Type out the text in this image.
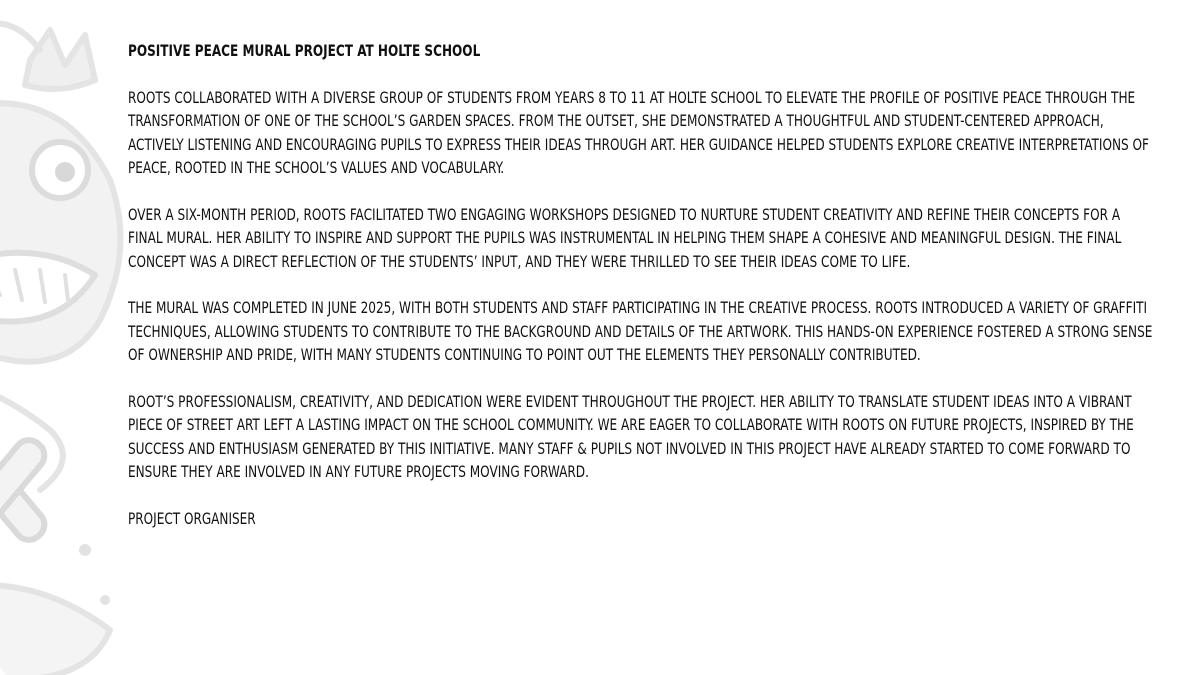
POSITIVE PEACE MURAL PROJECT AT HOLTE SCHOOL
ROOTS COLLABORATED WITH A DIVERSE GROUP OF STUDENTS FROM YEARS 8 TO 11 AT HOLTE SCHOOL TO ELEVATE THE PROFILE OF POSITIVE PEACE THROUGH THE TRANSFORMATION OF ONE OF THE SCHOOL’S GARDEN SPACES. FROM THE OUTSET, SHE DEMONSTRATED A THOUGHTFUL AND STUDENT-CENTERED APPROACH, ACTIVELY LISTENING AND ENCOURAGING PUPILS TO EXPRESS THEIR IDEAS THROUGH ART. HER GUIDANCE HELPED STUDENTS EXPLORE CREATIVE INTERPRETATIONS OF PEACE, ROOTED IN THE SCHOOL’S VALUES AND VOCABULARY.
OVER A SIX-MONTH PERIOD, ROOTS FACILITATED TWO ENGAGING WORKSHOPS DESIGNED TO NURTURE STUDENT CREATIVITY AND REFINE THEIR CONCEPTS FOR A FINAL MURAL. HER ABILITY TO INSPIRE AND SUPPORT THE PUPILS WAS INSTRUMENTAL IN HELPING THEM SHAPE A COHESIVE AND MEANINGFUL DESIGN. THE FINAL CONCEPT WAS A DIRECT REFLECTION OF THE STUDENTS’ INPUT, AND THEY WERE THRILLED TO SEE THEIR IDEAS COME TO LIFE.
THE MURAL WAS COMPLETED IN JUNE 2025, WITH BOTH STUDENTS AND STAFF PARTICIPATING IN THE CREATIVE PROCESS. ROOTS INTRODUCED A VARIETY OF GRAFFITI TECHNIQUES, ALLOWING STUDENTS TO CONTRIBUTE TO THE BACKGROUND AND DETAILS OF THE ARTWORK. THIS HANDS-ON EXPERIENCE FOSTERED A STRONG SENSE OF OWNERSHIP AND PRIDE, WITH MANY STUDENTS CONTINUING TO POINT OUT THE ELEMENTS THEY PERSONALLY CONTRIBUTED.
ROOT’S PROFESSIONALISM, CREATIVITY, AND DEDICATION WERE EVIDENT THROUGHOUT THE PROJECT. HER ABILITY TO TRANSLATE STUDENT IDEAS INTO A VIBRANT PIECE OF STREET ART LEFT A LASTING IMPACT ON THE SCHOOL COMMUNITY. WE ARE EAGER TO COLLABORATE WITH ROOTS ON FUTURE PROJECTS, INSPIRED BY THE SUCCESS AND ENTHUSIASM GENERATED BY THIS INITIATIVE. MANY STAFF & PUPILS NOT INVOLVED IN THIS PROJECT HAVE ALREADY STARTED TO COME FORWARD TO ENSURE THEY ARE INVOLVED IN ANY FUTURE PROJECTS MOVING FORWARD.
PROJECT ORGANISER
